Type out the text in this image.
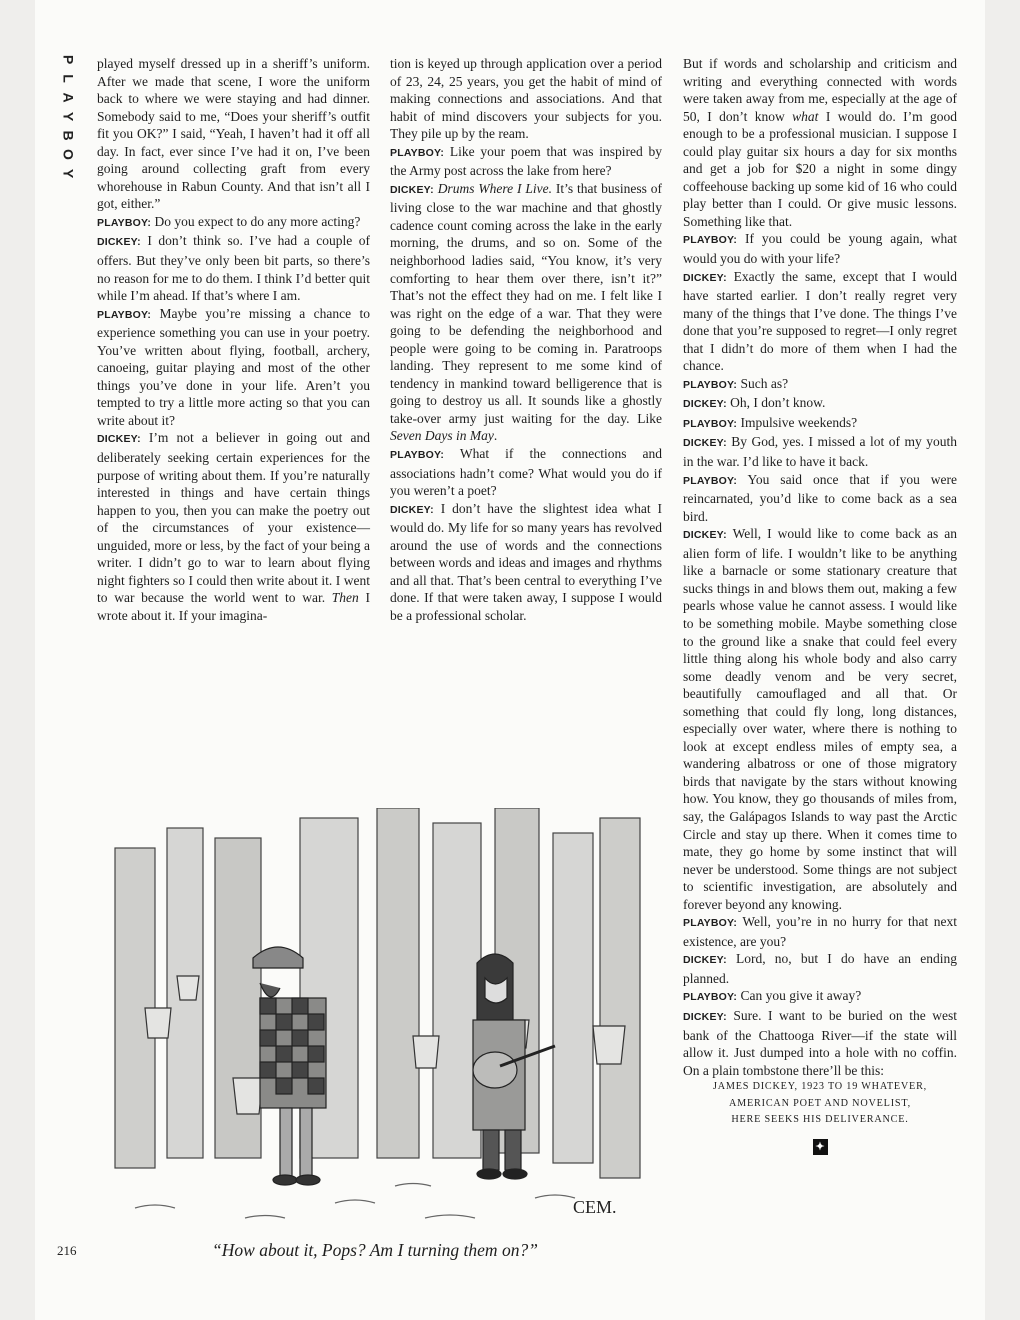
P
L
A
Y
B
O
Y

played myself dressed up in a sheriff’s uniform. After we made that scene, I wore the uniform back to where we were staying and had dinner. Somebody said to me, “Does your sheriff’s outfit fit you OK?” I said, “Yeah, I haven’t had it off all day. In fact, ever since I’ve had it on, I’ve been going around collecting graft from every whorehouse in Rabun County. And that isn’t all I got, either.”

PLAYBOY: Do you expect to do any more acting?

DICKEY: I don’t think so. I’ve had a couple of offers. But they’ve only been bit parts, so there’s no reason for me to do them. I think I’d better quit while I’m ahead. If that’s where I am.

PLAYBOY: Maybe you’re missing a chance to experience something you can use in your poetry. You’ve written about flying, football, archery, canoeing, guitar playing and most of the other things you’ve done in your life. Aren’t you tempted to try a little more acting so that you can write about it?

DICKEY: I’m not a believer in going out and deliberately seeking certain experiences for the purpose of writing about them. If you’re naturally interested in things and have certain things happen to you, then you can make the poetry out of the circumstances of your existence—unguided, more or less, by the fact of your being a writer. I didn’t go to war to learn about flying night fighters so I could then write about it. I went to war because the world went to war. Then I wrote about it. If your imagina-

tion is keyed up through application over a period of 23, 24, 25 years, you get the habit of mind of making connections and associations. And that habit of mind discovers your subjects for you. They pile up by the ream.

PLAYBOY: Like your poem that was inspired by the Army post across the lake from here?

DICKEY: Drums Where I Live. It’s that business of living close to the war machine and that ghostly cadence count coming across the lake in the early morning, the drums, and so on. Some of the neighborhood ladies said, “You know, it’s very comforting to hear them over there, isn’t it?” That’s not the effect they had on me. I felt like I was right on the edge of a war. That they were going to be defending the neighborhood and people were going to be coming in. Paratroops landing. They represent to me some kind of tendency in mankind toward belligerence that is going to destroy us all. It sounds like a ghostly take-over army just waiting for the day. Like Seven Days in May.

PLAYBOY: What if the connections and associations hadn’t come? What would you do if you weren’t a poet?

DICKEY: I don’t have the slightest idea what I would do. My life for so many years has revolved around the use of words and the connections between words and ideas and images and rhythms and all that. That’s been central to everything I’ve done. If that were taken away, I suppose I would be a professional scholar.

But if words and scholarship and criticism and writing and everything connected with words were taken away from me, especially at the age of 50, I don’t know what I would do. I’m good enough to be a professional musician. I suppose I could play guitar six hours a day for six months and get a job for $20 a night in some dingy coffeehouse backing up some kid of 16 who could play better than I could. Or give music lessons. Something like that.

PLAYBOY: If you could be young again, what would you do with your life?

DICKEY: Exactly the same, except that I would have started earlier. I don’t really regret very many of the things that I’ve done. The things I’ve done that you’re supposed to regret—I only regret that I didn’t do more of them when I had the chance.

PLAYBOY: Such as?

DICKEY: Oh, I don’t know.

PLAYBOY: Impulsive weekends?

DICKEY: By God, yes. I missed a lot of my youth in the war. I’d like to have it back.

PLAYBOY: You said once that if you were reincarnated, you’d like to come back as a sea bird.

DICKEY: Well, I would like to come back as an alien form of life. I wouldn’t like to be anything like a barnacle or some stationary creature that sucks things in and blows them out, making a few pearls whose value he cannot assess. I would like to be something mobile. Maybe something close to the ground like a snake that could feel every little thing along his whole body and also carry some deadly venom and be very secret, beautifully camouflaged and all that. Or something that could fly long, long distances, especially over water, where there is nothing to look at except endless miles of empty sea, a wandering albatross or one of those migratory birds that navigate by the stars without knowing how. You know, they go thousands of miles from, say, the Galápagos Islands to way past the Arctic Circle and stay up there. When it comes time to mate, they go home by some instinct that will never be understood. Some things are not subject to scientific investigation, are absolutely and forever beyond any knowing.

PLAYBOY: Well, you’re in no hurry for that next existence, are you?

DICKEY: Lord, no, but I do have an ending planned.

PLAYBOY: Can you give it away?

DICKEY: Sure. I want to be buried on the west bank of the Chattooga River—if the state will allow it. Just dumped into a hole with no coffin. On a plain tombstone there’ll be this:

JAMES DICKEY, 1923 TO 19 WHATEVER,

AMERICAN POET AND NOVELIST,

HERE SEEKS HIS DELIVERANCE.

✦
CEM.
“How about it, Pops? Am I turning them on?”
216
